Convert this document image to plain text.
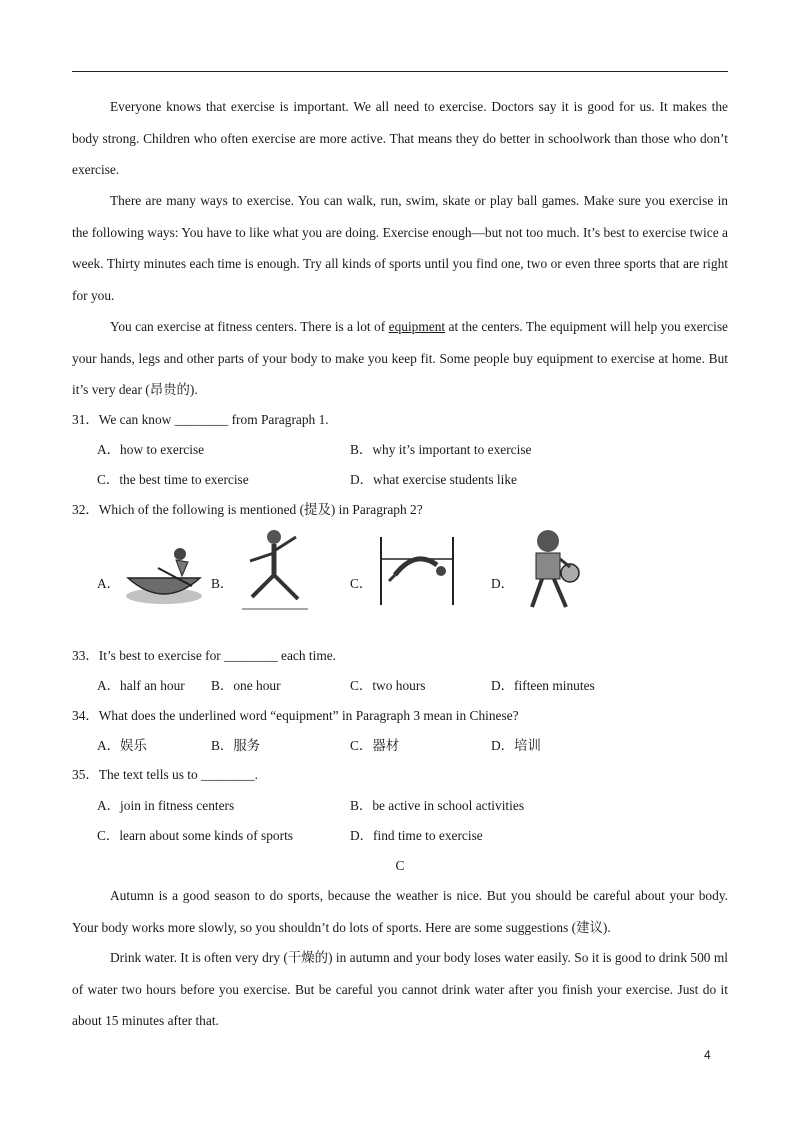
Everyone knows that exercise is important. We all need to exercise. Doctors say it is good for us. It makes the body strong. Children who often exercise are more active. That means they do better in schoolwork than those who don’t exercise.

There are many ways to exercise. You can walk, run, swim, skate or play ball games. Make sure you exercise in the following ways: You have to like what you are doing. Exercise enough—but not too much. It’s best to exercise twice a week. Thirty minutes each time is enough. Try all kinds of sports until you find one, two or even three sports that are right for you.

You can exercise at fitness centers. There is a lot of equipment at the centers. The equipment will help you exercise your hands, legs and other parts of your body to make you keep fit. Some people buy equipment to exercise at home. But it’s very dear (昂贵的).

31．We can know ________ from Paragraph 1.
A．how to exercise	B．why it’s important to exercise
C．the best time to exercise	D．what exercise students like
32．Which of the following is mentioned (提及) in Paragraph 2?
A．	B．	C．	D．
33．It’s best to exercise for ________ each time.
A．half an hour B．one hour	C．two hours	D．fifteen minutes
34．What does the underlined word “equipment” in Paragraph 3 mean in Chinese?
A．娱乐	B．服务	C．器材	D．培训
35．The text tells us to ________.
A．join in fitness centers	B．be active in school activities
C．learn about some kinds of sports	D．find time to exercise
C

Autumn is a good season to do sports, because the weather is nice. But you should be careful about your body. Your body works more slowly, so you shouldn’t do lots of sports. Here are some suggestions (建议).

Drink water. It is often very dry (干燥的) in autumn and your body loses water easily. So it is good to drink 500 ml of water two hours before you exercise. But be careful you cannot drink water after you finish your exercise. Just do it about 15 minutes after that.

4
